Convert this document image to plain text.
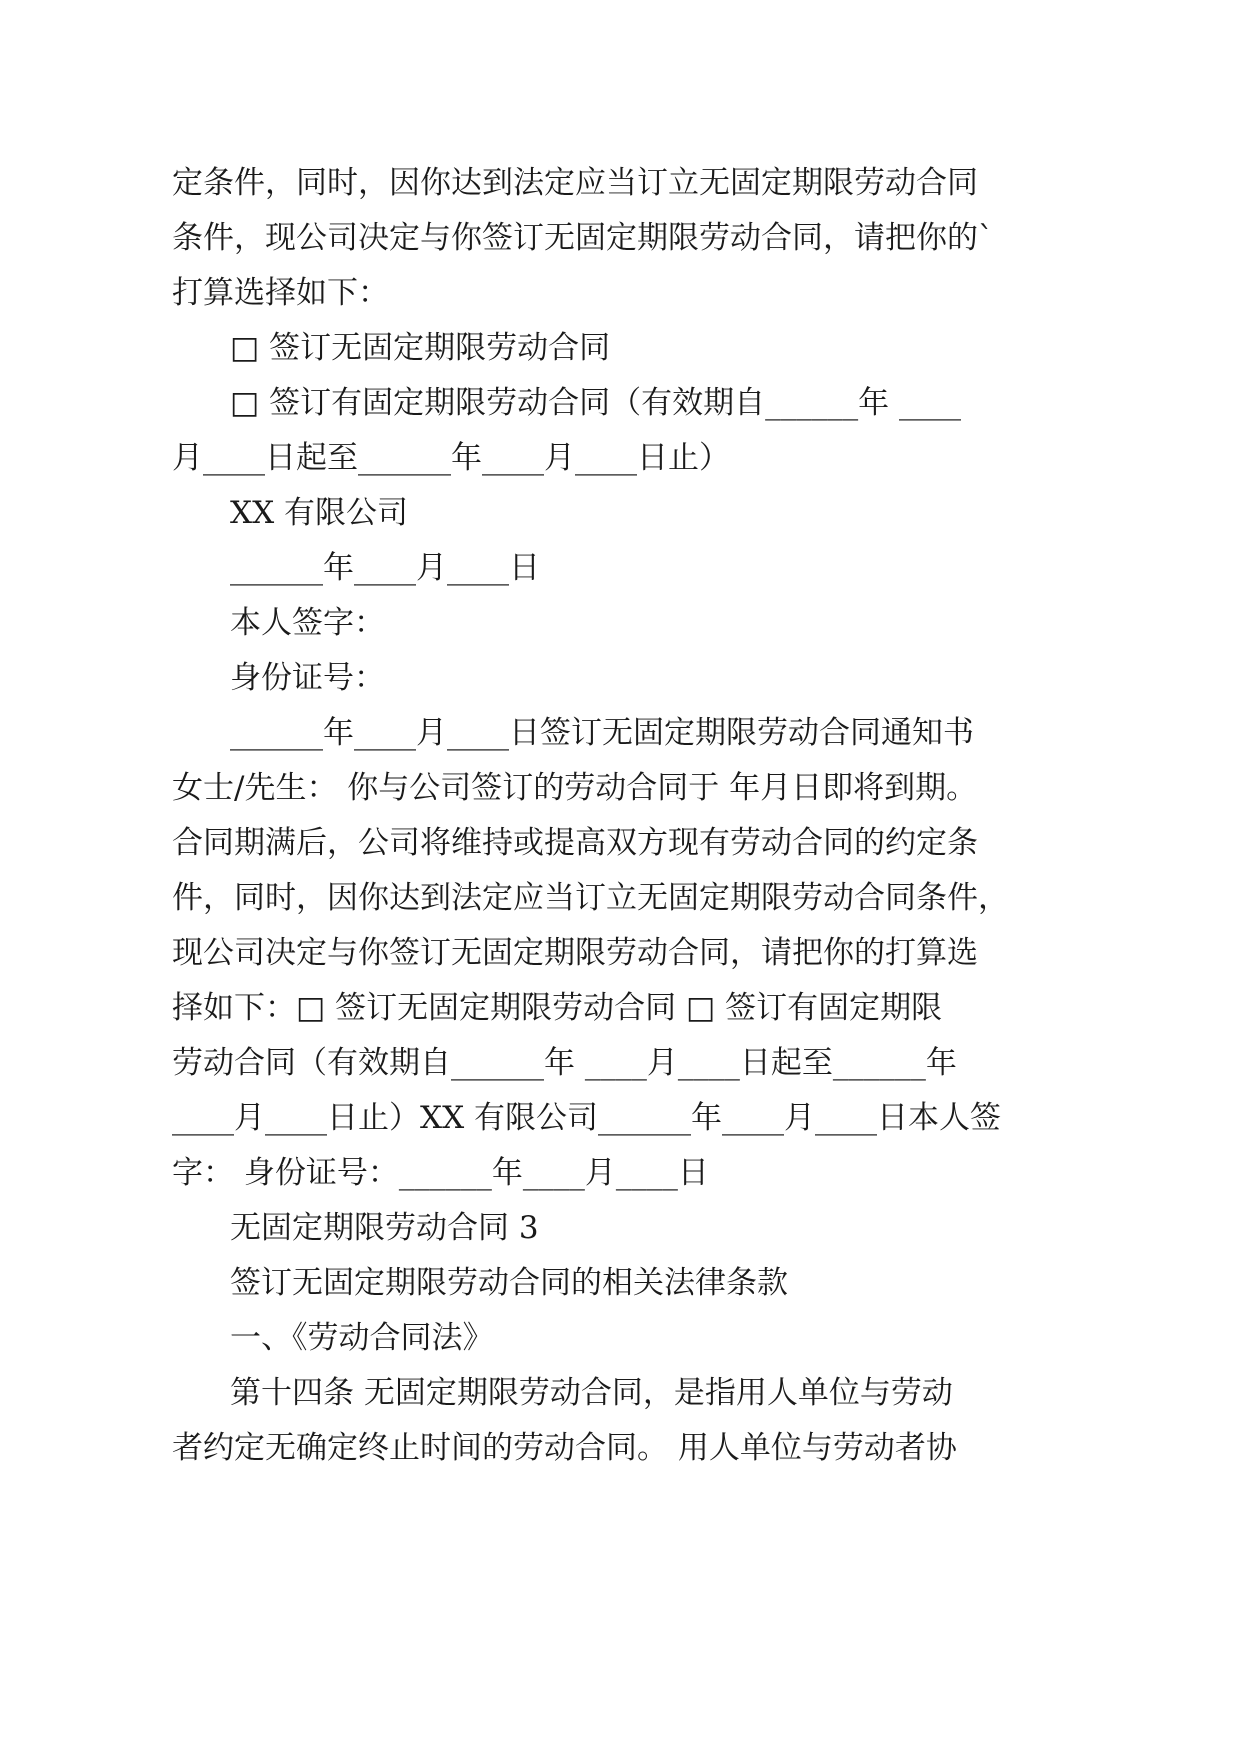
定条件，同时，因你达到法定应当订立无固定期限劳动合同
条件，现公司决定与你签订无固定期限劳动合同，请把你的`
打算选择如下：
□ 签订无固定期限劳动合同
□ 签订有固定期限劳动合同（有效期自______年 ____
月____日起至______年____月____日止）
XX 有限公司
______年____月____日
本人签字：
身份证号：
______年____月____日签订无固定期限劳动合同通知书
女士/先生： 你与公司签订的劳动合同于 年月日即将到期。
合同期满后，公司将维持或提高双方现有劳动合同的约定条
件，同时，因你达到法定应当订立无固定期限劳动合同条件，
现公司决定与你签订无固定期限劳动合同，请把你的打算选
择如下：□ 签订无固定期限劳动合同 □ 签订有固定期限
劳动合同（有效期自______年 ____月____日起至______年
____月____日止）XX 有限公司______年____月____日本人签
字： 身份证号：______年____月____日
无固定期限劳动合同 3
签订无固定期限劳动合同的相关法律条款
一、《劳动合同法》
第十四条 无固定期限劳动合同，是指用人单位与劳动
者约定无确定终止时间的劳动合同。 用人单位与劳动者协
